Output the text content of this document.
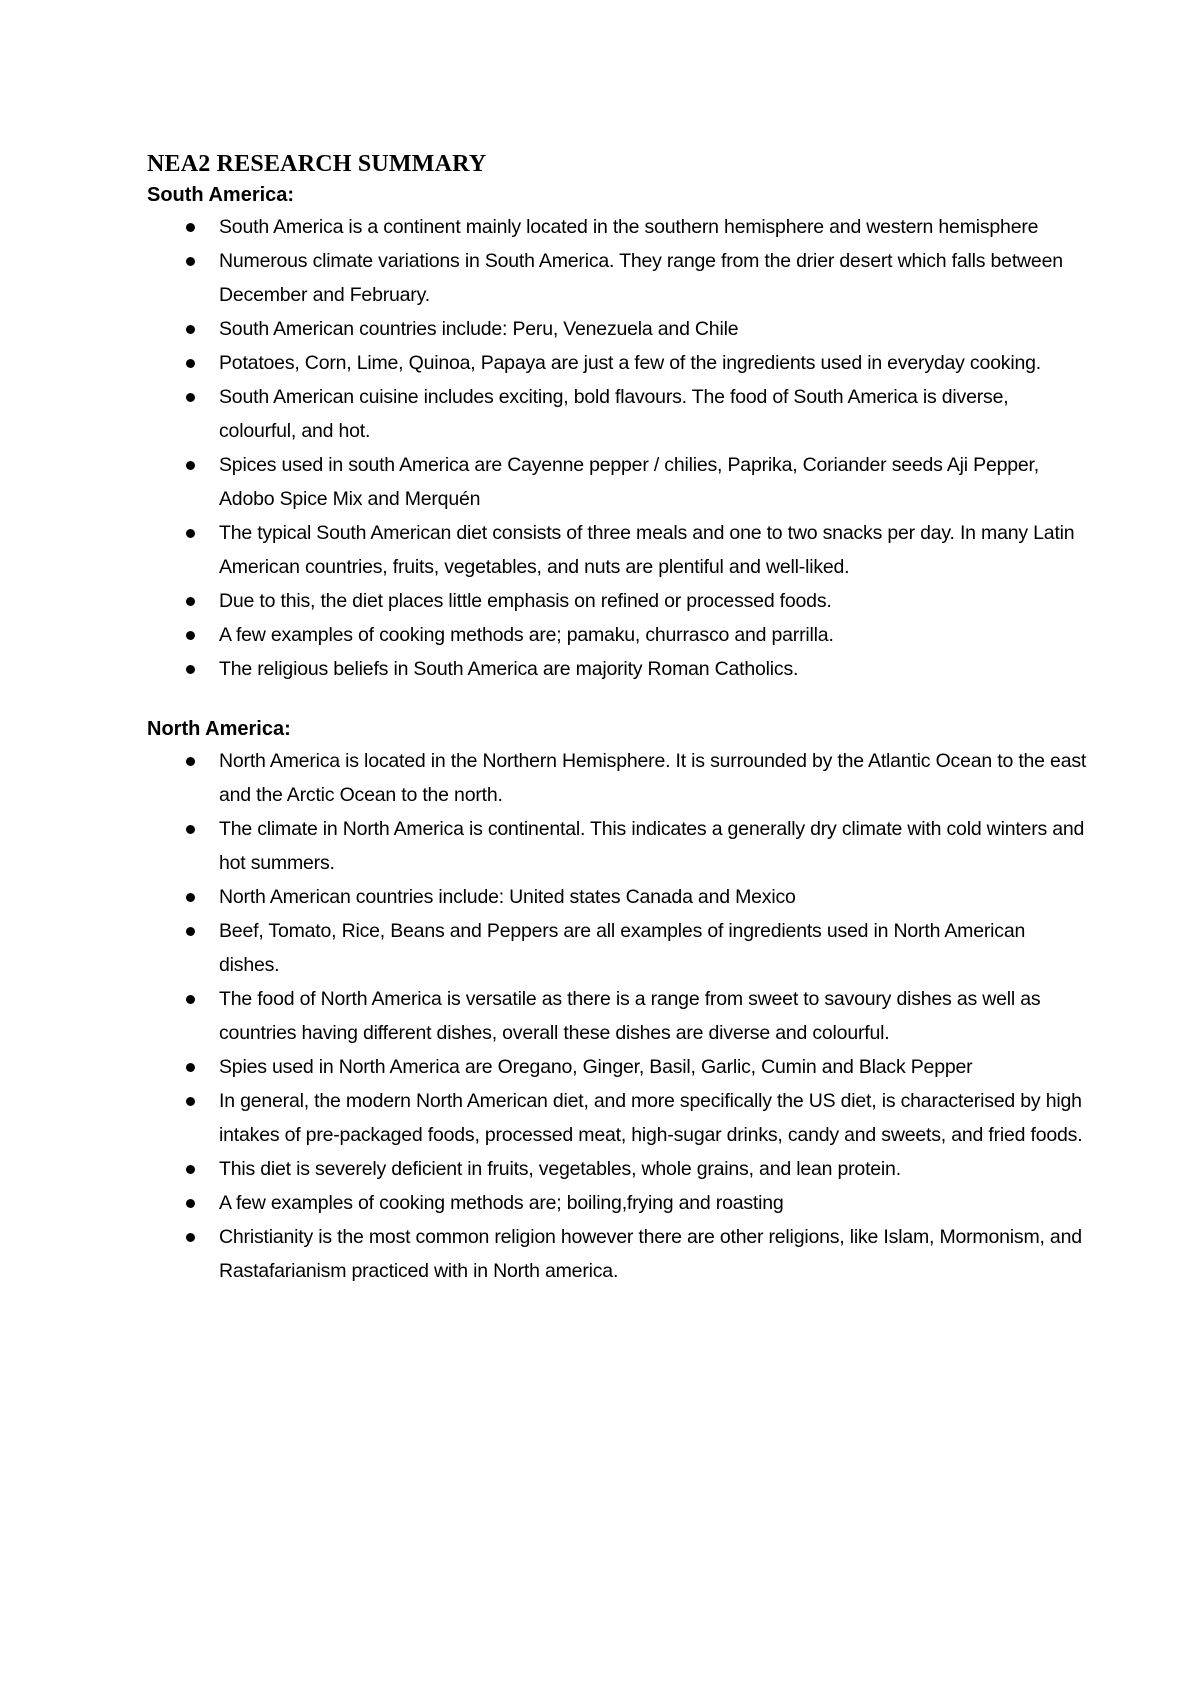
NEA2 RESEARCH SUMMARY
South America:
South America is a continent mainly located in the southern hemisphere and western hemisphere
Numerous climate variations in South America. They range from the drier desert which falls between December and February.
South American countries include: Peru, Venezuela and Chile
Potatoes, Corn, Lime, Quinoa, Papaya are just a few of the ingredients used in everyday cooking.
South American cuisine includes exciting, bold flavours. The food of South America is diverse, colourful, and hot.
Spices used in south America are Cayenne pepper / chilies, Paprika, Coriander seeds Aji Pepper, Adobo Spice Mix and Merquén
The typical South American diet consists of three meals and one to two snacks per day. In many Latin American countries, fruits, vegetables, and nuts are plentiful and well-liked.
Due to this, the diet places little emphasis on refined or processed foods.
A few examples of cooking methods are; pamaku, churrasco and parrilla.
The religious beliefs in South America are majority Roman Catholics.
North America:
North America is located in the Northern Hemisphere. It is surrounded by the Atlantic Ocean to the east and the Arctic Ocean to the north.
The climate in North America is continental. This indicates a generally dry climate with cold winters and hot summers.
North American countries include: United states Canada and Mexico
Beef, Tomato, Rice, Beans and Peppers are all examples of ingredients used in North American dishes.
The food of North America is versatile as there is a range from sweet to savoury dishes as well as countries having different dishes, overall these dishes are diverse and colourful.
Spies used in North America are Oregano, Ginger, Basil, Garlic, Cumin and Black Pepper
In general, the modern North American diet, and more specifically the US diet, is characterised by high intakes of pre-packaged foods, processed meat, high-sugar drinks, candy and sweets, and fried foods.
This diet is severely deficient in fruits, vegetables, whole grains, and lean protein.
A few examples of cooking methods are; boiling,frying and roasting
Christianity is the most common religion however there are other religions, like Islam, Mormonism, and Rastafarianism practiced with in North america.
